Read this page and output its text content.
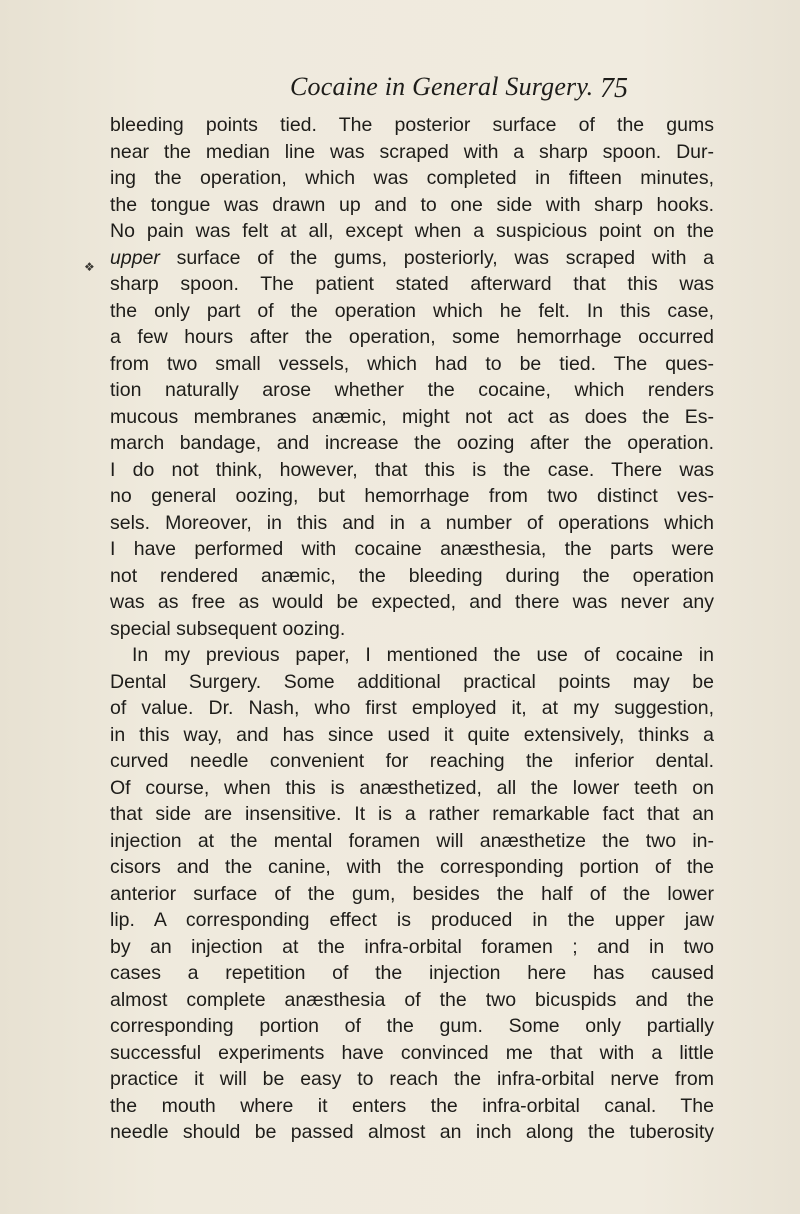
Cocaine in General Surgery. 75
❖
bleeding points tied. The posterior surface of the gums
near the median line was scraped with a sharp spoon. Dur-
ing the operation, which was completed in fifteen minutes,
the tongue was drawn up and to one side with sharp hooks.
No pain was felt at all, except when a suspicious point on the
upper surface of the gums, posteriorly, was scraped with a
sharp spoon. The patient stated afterward that this was
the only part of the operation which he felt. In this case,
a few hours after the operation, some hemorrhage occurred
from two small vessels, which had to be tied. The ques-
tion naturally arose whether the cocaine, which renders
mucous membranes anæmic, might not act as does the Es-
march bandage, and increase the oozing after the operation.
I do not think, however, that this is the case. There was
no general oozing, but hemorrhage from two distinct ves-
sels. Moreover, in this and in a number of operations which
I have performed with cocaine anæsthesia, the parts were
not rendered anæmic, the bleeding during the operation
was as free as would be expected, and there was never any
special subsequent oozing.
In my previous paper, I mentioned the use of cocaine in
Dental Surgery. Some additional practical points may be
of value. Dr. Nash, who first employed it, at my suggestion,
in this way, and has since used it quite extensively, thinks a
curved needle convenient for reaching the inferior dental.
Of course, when this is anæsthetized, all the lower teeth on
that side are insensitive. It is a rather remarkable fact that an
injection at the mental foramen will anæsthetize the two in-
cisors and the canine, with the corresponding portion of the
anterior surface of the gum, besides the half of the lower
lip. A corresponding effect is produced in the upper jaw
by an injection at the infra-orbital foramen ; and in two
cases a repetition of the injection here has caused
almost complete anæsthesia of the two bicuspids and the
corresponding portion of the gum. Some only partially
successful experiments have convinced me that with a little
practice it will be easy to reach the infra-orbital nerve from
the mouth where it enters the infra-orbital canal. The
needle should be passed almost an inch along the tuberosity
